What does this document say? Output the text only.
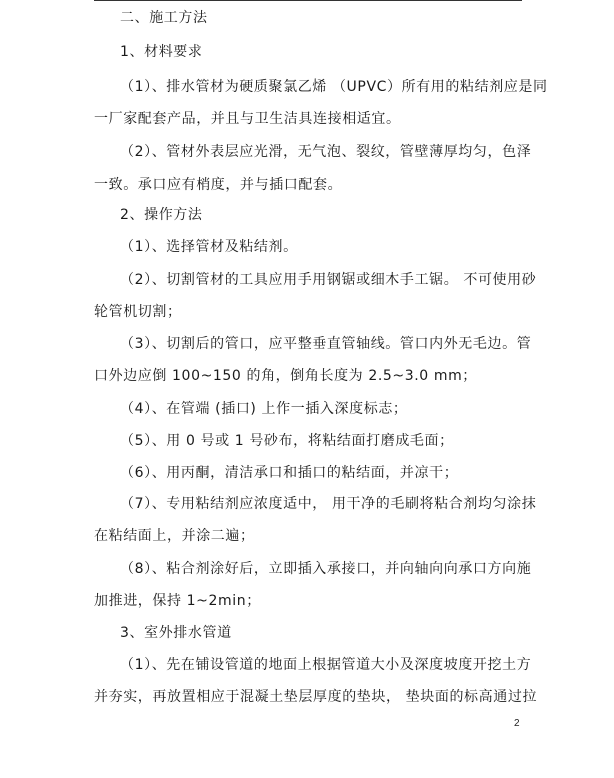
二、施工方法
1、材料要求
（1）、排水管材为硬质聚氯乙烯 （UPVC）所有用的粘结剂应是同
一厂家配套产品，并且与卫生洁具连接相适宜。
（2）、管材外表层应光滑，无气泡、裂纹，管壁薄厚均匀，色泽
一致。承口应有梢度，并与插口配套。
2、操作方法
（1）、选择管材及粘结剂。
（2）、切割管材的工具应用手用钢锯或细木手工锯。 不可使用砂
轮管机切割；
（3）、切割后的管口，应平整垂直管轴线。管口内外无毛边。管
口外边应倒 100~150 的角，倒角长度为 2.5~3.0 mm；
（4）、在管端 (插口) 上作一插入深度标志；
（5）、用 0 号或 1 号砂布，将粘结面打磨成毛面；
（6）、用丙酮，清洁承口和插口的粘结面，并凉干；
（7）、专用粘结剂应浓度适中， 用干净的毛刷将粘合剂均匀涂抹
在粘结面上，并涂二遍；
（8）、粘合剂涂好后，立即插入承接口，并向轴向向承口方向施
加推进，保持 1~2min；
3、室外排水管道
（1）、先在铺设管道的地面上根据管道大小及深度坡度开挖土方
并夯实，再放置相应于混凝土垫层厚度的垫块， 垫块面的标高通过拉
2
